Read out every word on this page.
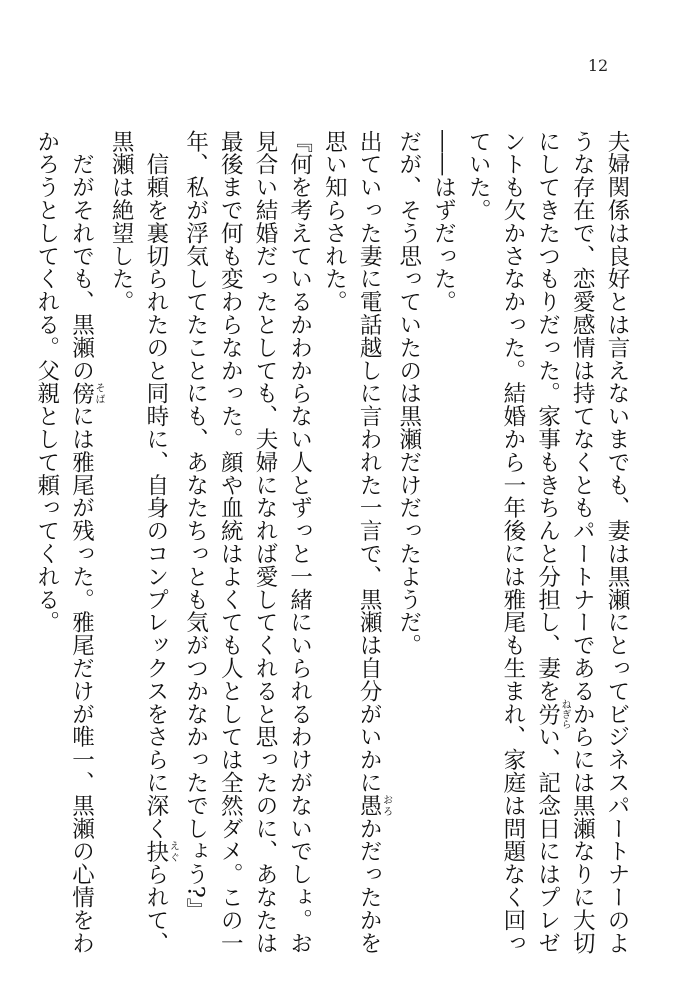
12

夫婦関係は良好とは言えないまでも、妻は黒瀬にとってビジネスパートナーのような存在で、恋愛感情は持てなくともパートナーであるからには黒瀬なりに大切にしてきたつもりだった。家事もきちんと分担し、妻を労ねぎらい、記念日にはプレゼントも欠かさなかった。結婚から一年後には雅尾も生まれ、家庭は問題なく回っていた。

――はずだった。

だが、そう思っていたのは黒瀬だけだったようだ。

出ていった妻に電話越しに言われた一言で、黒瀬は自分がいかに愚おろかだったかを思い知らされた。

『何を考えているかわからない人とずっと一緒にいられるわけがないでしょ。お見合い結婚だったとしても、夫婦になれば愛してくれると思ったのに、あなたは最後まで何も変わらなかった。顔や血統はよくても人としては全然ダメ。この一年、私が浮気してたことにも、あなたちっとも気がつかなかったでしょう?』

　信頼を裏切られたのと同時に、自身のコンプレックスをさらに深く抉えぐられて、黒瀬は絶望した。

　だがそれでも、黒瀬の傍そばには雅尾が残った。雅尾だけが唯一、黒瀬の心情をわかろうとしてくれる。父親として頼ってくれる。
